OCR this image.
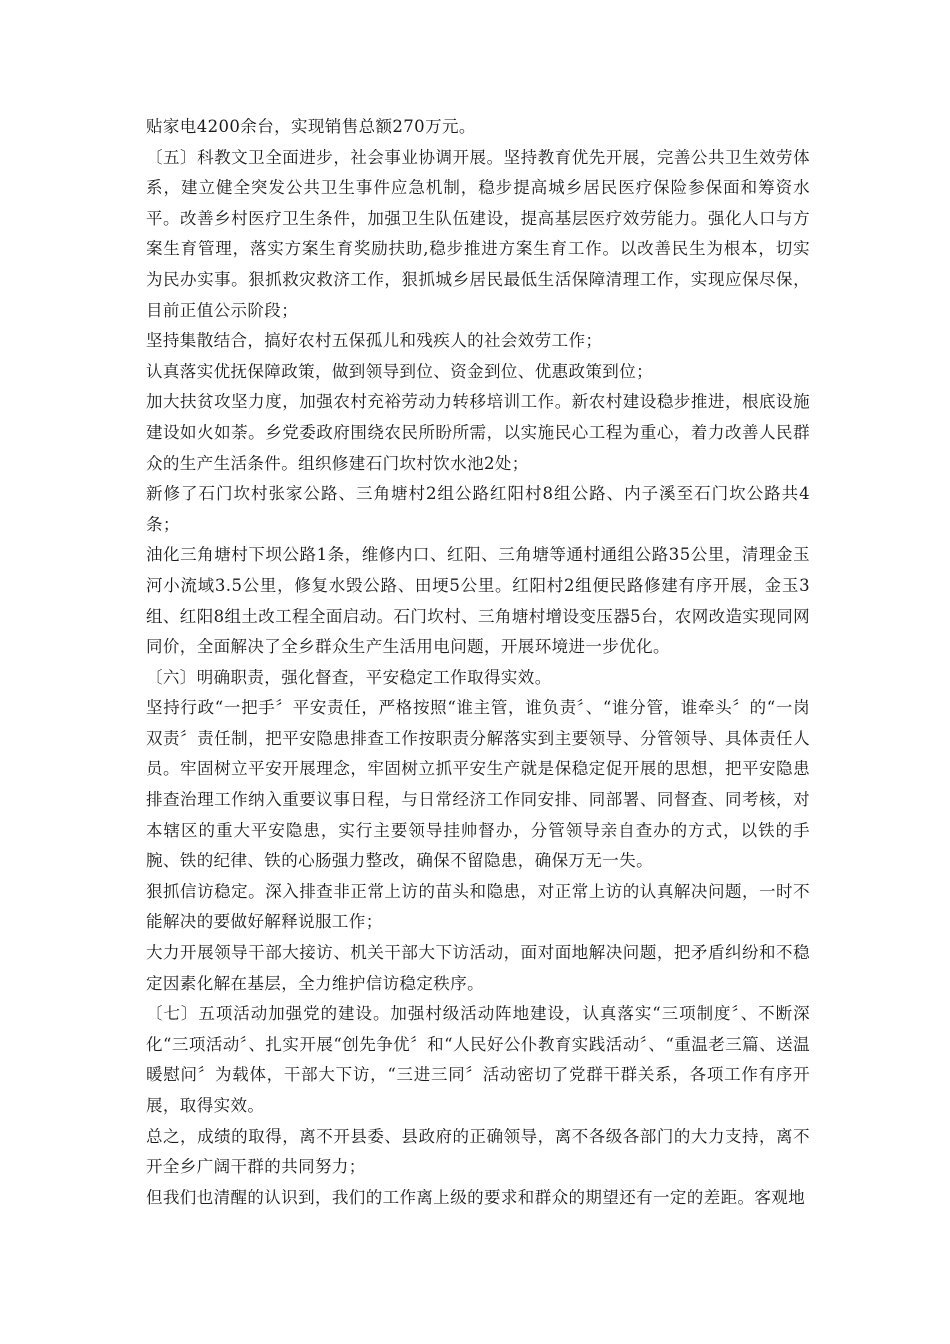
贴家电4200余台，实现销售总额270万元。

〔五〕科教文卫全面进步，社会事业协调开展。坚持教育优先开展，完善公共卫生效劳体系，建立健全突发公共卫生事件应急机制，稳步提高城乡居民医疗保险参保面和筹资水平。改善乡村医疗卫生条件，加强卫生队伍建设，提高基层医疗效劳能力。强化人口与方案生育管理，落实方案生育奖励扶助,稳步推进方案生育工作。以改善民生为根本，切实为民办实事。狠抓救灾救济工作，狠抓城乡居民最低生活保障清理工作，实现应保尽保，目前正值公示阶段；

坚持集散结合，搞好农村五保孤儿和残疾人的社会效劳工作；

认真落实优抚保障政策，做到领导到位、资金到位、优惠政策到位；

加大扶贫攻坚力度，加强农村充裕劳动力转移培训工作。新农村建设稳步推进，根底设施建设如火如荼。乡党委政府围绕农民所盼所需，以实施民心工程为重心，着力改善人民群众的生产生活条件。组织修建石门坎村饮水池2处；

新修了石门坎村张家公路、三角塘村2组公路红阳村8组公路、内子溪至石门坎公路共4条；

油化三角塘村下坝公路1条，维修内口、红阳、三角塘等通村通组公路35公里，清理金玉河小流域3.5公里，修复水毁公路、田埂5公里。红阳村2组便民路修建有序开展，金玉3组、红阳8组土改工程全面启动。石门坎村、三角塘村增设变压器5台，农网改造实现同网同价，全面解决了全乡群众生产生活用电问题，开展环境进一步优化。

〔六〕明确职责，强化督查，平安稳定工作取得实效。

坚持行政“一把手〞平安责任，严格按照“谁主管，谁负责〞、“谁分管，谁牵头〞的“一岗双责〞责任制，把平安隐患排查工作按职责分解落实到主要领导、分管领导、具体责任人员。牢固树立平安开展理念，牢固树立抓平安生产就是保稳定促开展的思想，把平安隐患排查治理工作纳入重要议事日程，与日常经济工作同安排、同部署、同督查、同考核，对本辖区的重大平安隐患，实行主要领导挂帅督办，分管领导亲自查办的方式，以铁的手腕、铁的纪律、铁的心肠强力整改，确保不留隐患，确保万无一失。

狠抓信访稳定。深入排查非正常上访的苗头和隐患，对正常上访的认真解决问题，一时不能解决的要做好解释说服工作；

大力开展领导干部大接访、机关干部大下访活动，面对面地解决问题，把矛盾纠纷和不稳定因素化解在基层，全力维护信访稳定秩序。

〔七〕五项活动加强党的建设。加强村级活动阵地建设，认真落实“三项制度〞、不断深化“三项活动〞、扎实开展“创先争优〞和“人民好公仆教育实践活动〞、“重温老三篇、送温暖慰问〞为载体，干部大下访，“三进三同〞活动密切了党群干群关系，各项工作有序开展，取得实效。

总之，成绩的取得，离不开县委、县政府的正确领导，离不各级各部门的大力支持，离不开全乡广阔干群的共同努力；

但我们也清醒的认识到，我们的工作离上级的要求和群众的期望还有一定的差距。客观地
